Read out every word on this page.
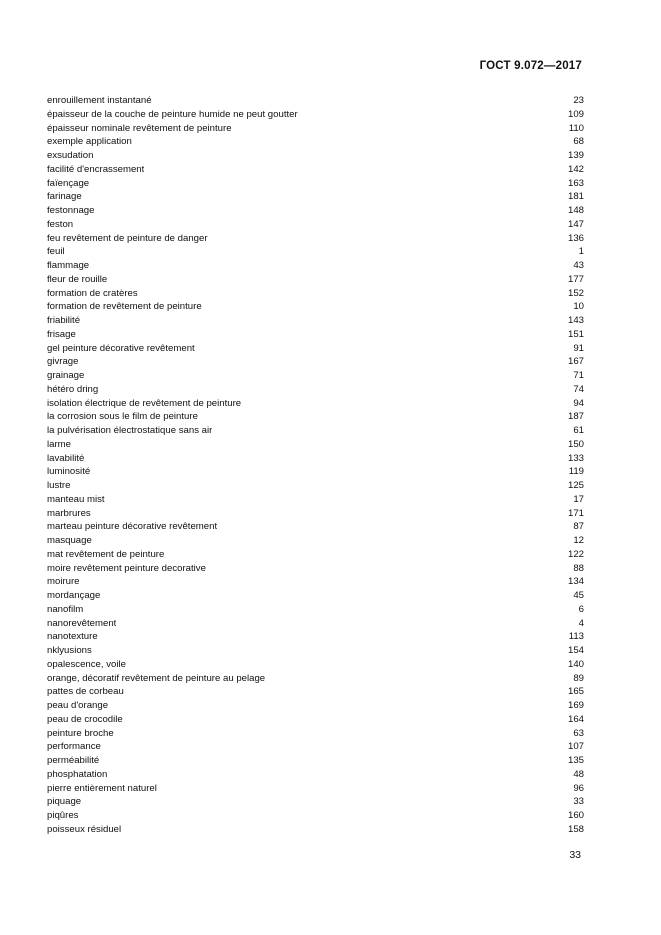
ГОСТ 9.072—2017
enrouillement instantané	23
épaisseur de la couche de peinture humide ne peut goutter	109
épaisseur nominale revêtement de peinture	110
exemple application	68
exsudation	139
facilité d'encrassement	142
faïençage	163
farinage	181
festonnage	148
feston	147
feu revêtement de peinture de danger	136
feuil	1
flammage	43
fleur de rouille	177
formation de cratères	152
formation de revêtement de peinture	10
friabilité	143
frisage	151
gel peinture décorative revêtement	91
givrage	167
grainage	71
hétéro dring	74
isolation électrique de revêtement de peinture	94
la corrosion sous le film de peinture	187
la pulvérisation électrostatique sans air	61
larme	150
lavabilité	133
luminosité	119
lustre	125
manteau mist	17
marbrures	171
marteau peinture décorative revêtement	87
masquage	12
mat revêtement de peinture	122
moire revêtement peinture decorative	88
moirure	134
mordançage	45
nanofilm	6
nanorevêtement	4
nanotexture	113
nklyusions	154
opalescence, voile	140
orange, décoratif revêtement de peinture au pelage	89
pattes de corbeau	165
peau d'orange	169
peau de crocodile	164
peinture broche	63
performance	107
perméabilité	135
phosphatation	48
pierre entièrement naturel	96
piquage	33
piqûres	160
poisseux résiduel	158
33
